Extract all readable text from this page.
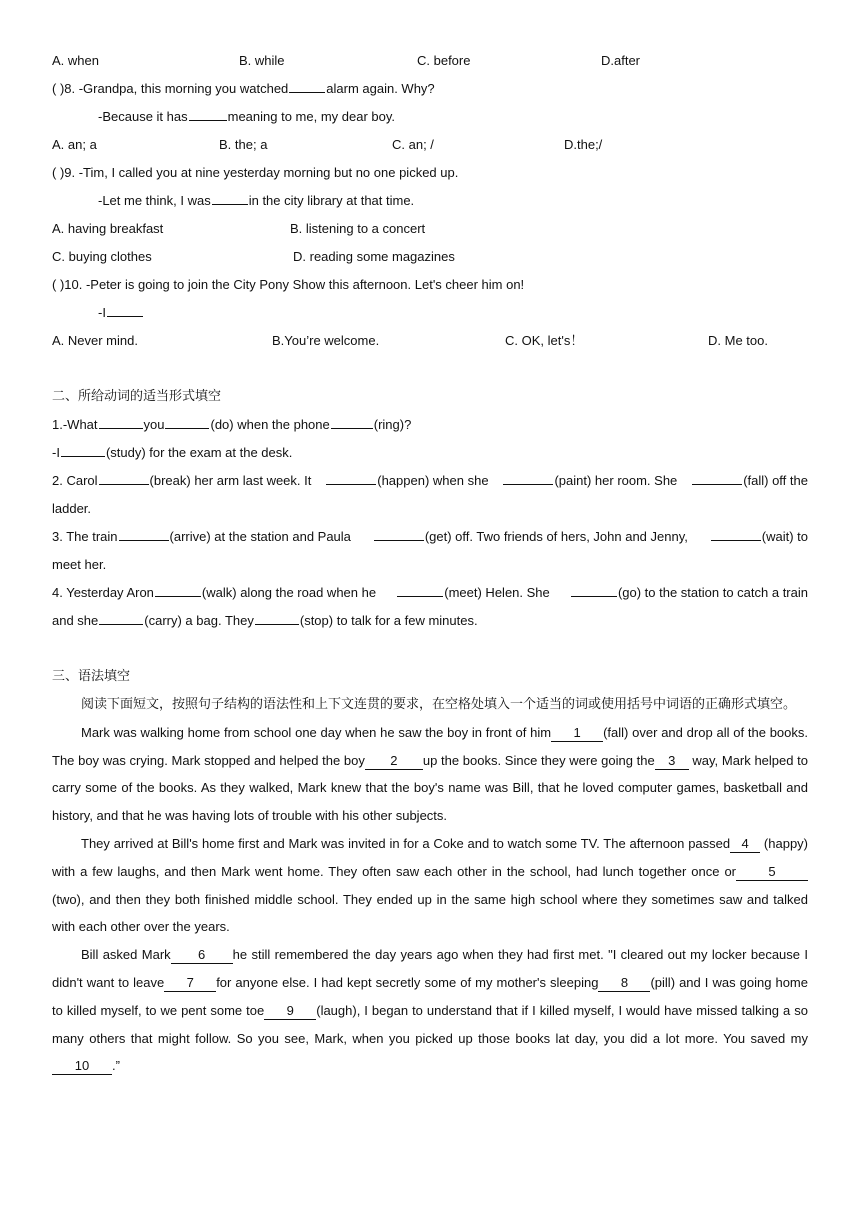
A. when	B. while	C. before	D.after
( )8. -Grandpa, this morning you watched	alarm again. Why?
-Because it has	meaning to me, my dear boy.
A. an; a	B. the; a	C. an; /	D.the;/
( )9. -Tim, I called you at nine yesterday morning but no one picked up.
-Let me think, I was	in the city library at that time.
A. having breakfast	B. listening to a concert
C. buying clothes	D. reading some magazines
( )10. -Peter is going to join the City Pony Show this afternoon. Let's cheer him on!
-I
A. Never mind.	B.You’re welcome.	C. OK, let's！	D. Me too.
二、所给动词的适当形式填空
1.-What	you	(do) when the phone	(ring)?
-I	(study) for the exam at the desk.
2. Carol	(break) her arm last week. It	(happen) when she	(paint) her room. She	(fall) off the
ladder.
3. The train	(arrive) at the station and Paula	(get) off. Two friends of hers, John and Jenny,	(wait) to
meet her.
4. Yesterday Aron	(walk) along the road when he	(meet) Helen. She	(go) to the station to catch a train
and she	(carry) a bag. They	(stop) to talk for a few minutes.
三、语法填空
阅读下面短文，按照句子结构的语法性和上下文连贯的要求，在空格处填入一个适当的词或使用括号中词语的正确形式填空。
Mark was walking home from school one day when he saw the boy in front of him 1 (fall) over and drop all of the books. The boy was crying. Mark stopped and helped the boy 2 up the books. Since they were going the 3 way, Mark helped to carry some of the books. As they walked, Mark knew that the boy's name was Bill, that he loved computer games, basketball and history, and that he was having lots of trouble with his other subjects.
They arrived at Bill's home first and Mark was invited in for a Coke and to watch some TV. The afternoon passed 4 (happy) with a few laughs, and then Mark went home. They often saw each other in the school, had lunch together once or 5(two), and then they both finished middle school. They ended up in the same high school where they sometimes saw and talked with each other over the years.
Bill asked Mark 6 he still remembered the day years ago when they had first met. "I cleared out my locker because I didn't want to leave 7 for anyone else. I had kept secretly some of my mother's sleeping 8 (pill) and I was going home to killed myself, to we pent some toe 9 (laugh), I began to understand that if I killed myself, I would have missed talking a so many others that might follow. So you see, Mark, when you picked up those books lat day, you did a lot more. You saved my10 .”
